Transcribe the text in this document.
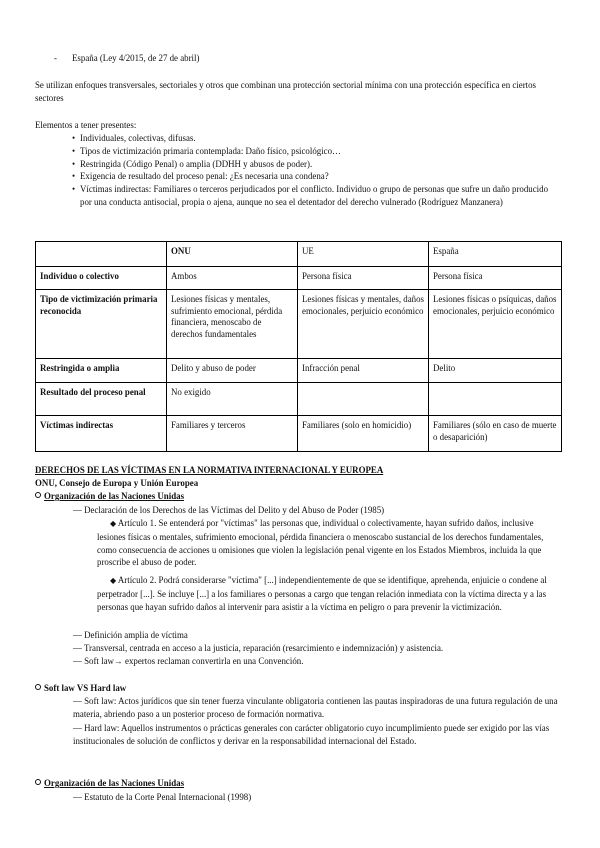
- España (Ley 4/2015, de 27 de abril)
Se utilizan enfoques transversales, sectoriales y otros que combinan una protección sectorial mínima con una protección específica en ciertos sectores
Elementos a tener presentes:
• Individuales, colectivas, difusas.
• Tipos de victimización primaria contemplada: Daño físico, psicológico…
• Restringida (Código Penal) o amplia (DDHH y abusos de poder).
• Exigencia de resultado del proceso penal: ¿Es necesaria una condena?
• Víctimas indirectas: Familiares o terceros perjudicados por el conflicto. Individuo o grupo de personas que sufre un daño producido por una conducta antisocial, propia o ajena, aunque no sea el detentador del derecho vulnerado (Rodríguez Manzanera)
	ONU	UE	España
Individuo o colectivo	Ambos	Persona física	Persona física
Tipo de victimización primaria reconocida	Lesiones físicas y mentales, sufrimiento emocional, pérdida financiera, menoscabo de derechos fundamentales	Lesiones físicas y mentales, daños emocionales, perjuicio económico	Lesiones físicas o psíquicas, daños emocionales, perjuicio económico
Restringida o amplia	Delito y abuso de poder	Infracción penal	Delito
Resultado del proceso penal	No exigido		
Víctimas indirectas	Familiares y terceros	Familiares (solo en homicidio)	Familiares (sólo en caso de muerte o desaparición)
DERECHOS DE LAS VÍCTIMAS EN LA NORMATIVA INTERNACIONAL Y EUROPEA
ONU, Consejo de Europa y Unión Europea
Organización de las Naciones Unidas
— Declaración de los Derechos de las Víctimas del Delito y del Abuso de Poder (1985)
◆ Artículo 1. Se entenderá por "víctimas" las personas que, individual o colectivamente, hayan sufrido daños, inclusive lesiones físicas o mentales, sufrimiento emocional, pérdida financiera o menoscabo sustancial de los derechos fundamentales, como consecuencia de acciones u omisiones que violen la legislación penal vigente en los Estados Miembros, incluida la que proscribe el abuso de poder.
◆ Artículo 2. Podrá considerarse "víctima" [...] independientemente de que se identifique, aprehenda, enjuicie o condene al perpetrador [...]. Se incluye [...] a los familiares o personas a cargo que tengan relación inmediata con la víctima directa y a las personas que hayan sufrido daños al intervenir para asistir a la víctima en peligro o para prevenir la victimización.
— Definición amplia de víctima
— Transversal, centrada en acceso a la justicia, reparación (resarcimiento e indemnización) y asistencia.
— Soft law→ expertos reclaman convertirla en una Convención.
Soft law VS Hard law
— Soft law: Actos jurídicos que sin tener fuerza vinculante obligatoria contienen las pautas inspiradoras de una futura regulación de una materia, abriendo paso a un posterior proceso de formación normativa.
— Hard law: Aquellos instrumentos o prácticas generales con carácter obligatorio cuyo incumplimiento puede ser exigido por las vías institucionales de solución de conflictos y derivar en la responsabilidad internacional del Estado.
Organización de las Naciones Unidas
— Estatuto de la Corte Penal Internacional (1998)
